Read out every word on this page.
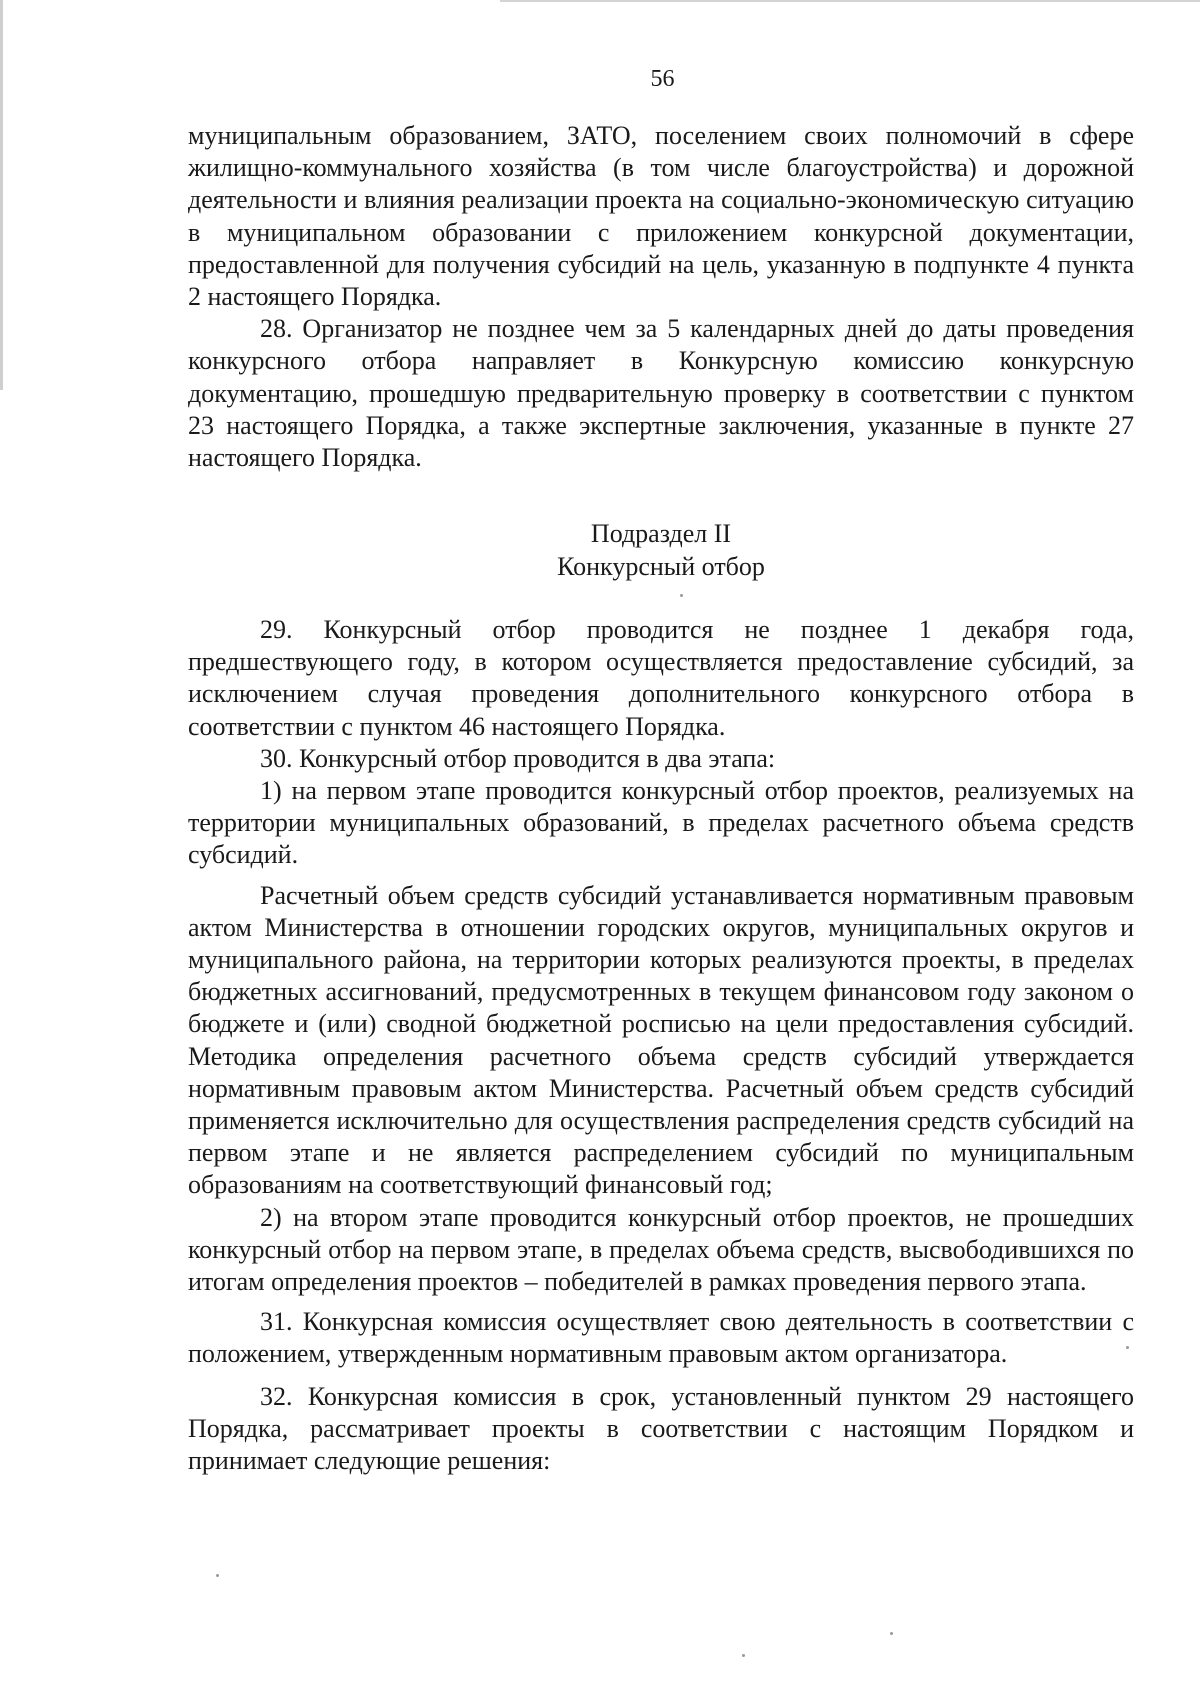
56

муниципальным образованием, ЗАТО, поселением своих полномочий в сфере жилищно-коммунального хозяйства (в том числе благоустройства) и дорожной деятельности и влияния реализации проекта на социально-экономическую ситуацию в муниципальном образовании с приложением конкурсной документации, предоставленной для получения субсидий на цель, указанную в подпункте 4 пункта 2 настоящего Порядка.

28. Организатор не позднее чем за 5 календарных дней до даты проведения конкурсного отбора направляет в Конкурсную комиссию конкурсную документацию, прошедшую предварительную проверку в соответствии с пунктом 23 настоящего Порядка, а также экспертные заключения, указанные в пункте 27 настоящего Порядка.

Подраздел II
Конкурсный отбор

29. Конкурсный отбор проводится не позднее 1 декабря года, предшествующего году, в котором осуществляется предоставление субсидий, за исключением случая проведения дополнительного конкурсного отбора в соответствии с пунктом 46 настоящего Порядка.

30. Конкурсный отбор проводится в два этапа:

1) на первом этапе проводится конкурсный отбор проектов, реализуемых на территории муниципальных образований, в пределах расчетного объема средств субсидий.

Расчетный объем средств субсидий устанавливается нормативным правовым актом Министерства в отношении городских округов, муниципальных округов и муниципального района, на территории которых реализуются проекты, в пределах бюджетных ассигнований, предусмотренных в текущем финансовом году законом о бюджете и (или) сводной бюджетной росписью на цели предоставления субсидий. Методика определения расчетного объема средств субсидий утверждается нормативным правовым актом Министерства. Расчетный объем средств субсидий применяется исключительно для осуществления распределения средств субсидий на первом этапе и не является распределением субсидий по муниципальным образованиям на соответствующий финансовый год;

2) на втором этапе проводится конкурсный отбор проектов, не прошедших конкурсный отбор на первом этапе, в пределах объема средств, высвободившихся по итогам определения проектов – победителей в рамках проведения первого этапа.

31. Конкурсная комиссия осуществляет свою деятельность в соответствии с положением, утвержденным нормативным правовым актом организатора.

32. Конкурсная комиссия в срок, установленный пунктом 29 настоящего Порядка, рассматривает проекты в соответствии с настоящим Порядком и принимает следующие решения:
